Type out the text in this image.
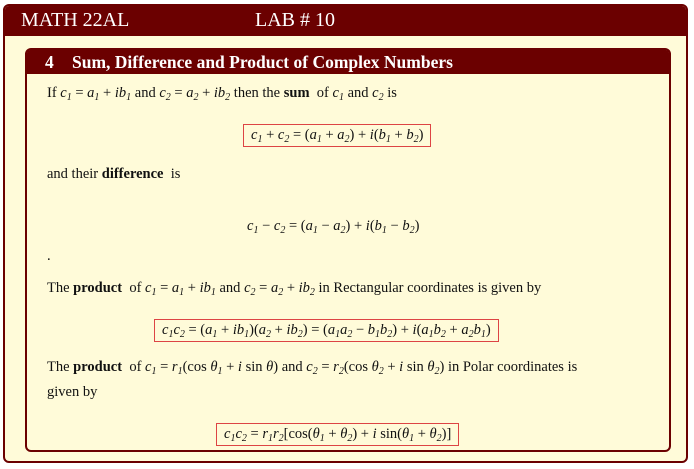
MATH 22AL	LAB # 10
4 Sum, Difference and Product of Complex Numbers
If $c_1 = a_1 + ib_1$ and $c_2 = a_2 + ib_2$ then the sum of $c_1$ and $c_2$ is
$c_1 + c_2 = (a_1 + a_2) + i(b_1 + b_2)$
and their difference is
$c_1 - c_2 = (a_1 - a_2) + i(b_1 - b_2)$
.
The product of $c_1 = a_1 + ib_1$ and $c_2 = a_2 + ib_2$ in Rectangular coordinates is given by
$c_1c_2 = (a_1 + ib_1)(a_2 + ib_2) = (a_1a_2 - b_1b_2) + i(a_1b_2 + a_2b_1)$
The product of $c_1 = r_1(\cos$ $\theta_1 + i$ sin θ) and $c_2 = r_2(\cos$ $\theta_2 + i$ $\sin \theta_2$) in Polar coordinates is
given by
$c_1c_2 = r_1r_2[\cos(\theta_1 + \theta_2) + i$ $\sin(\theta_1 + \theta_2)$]
